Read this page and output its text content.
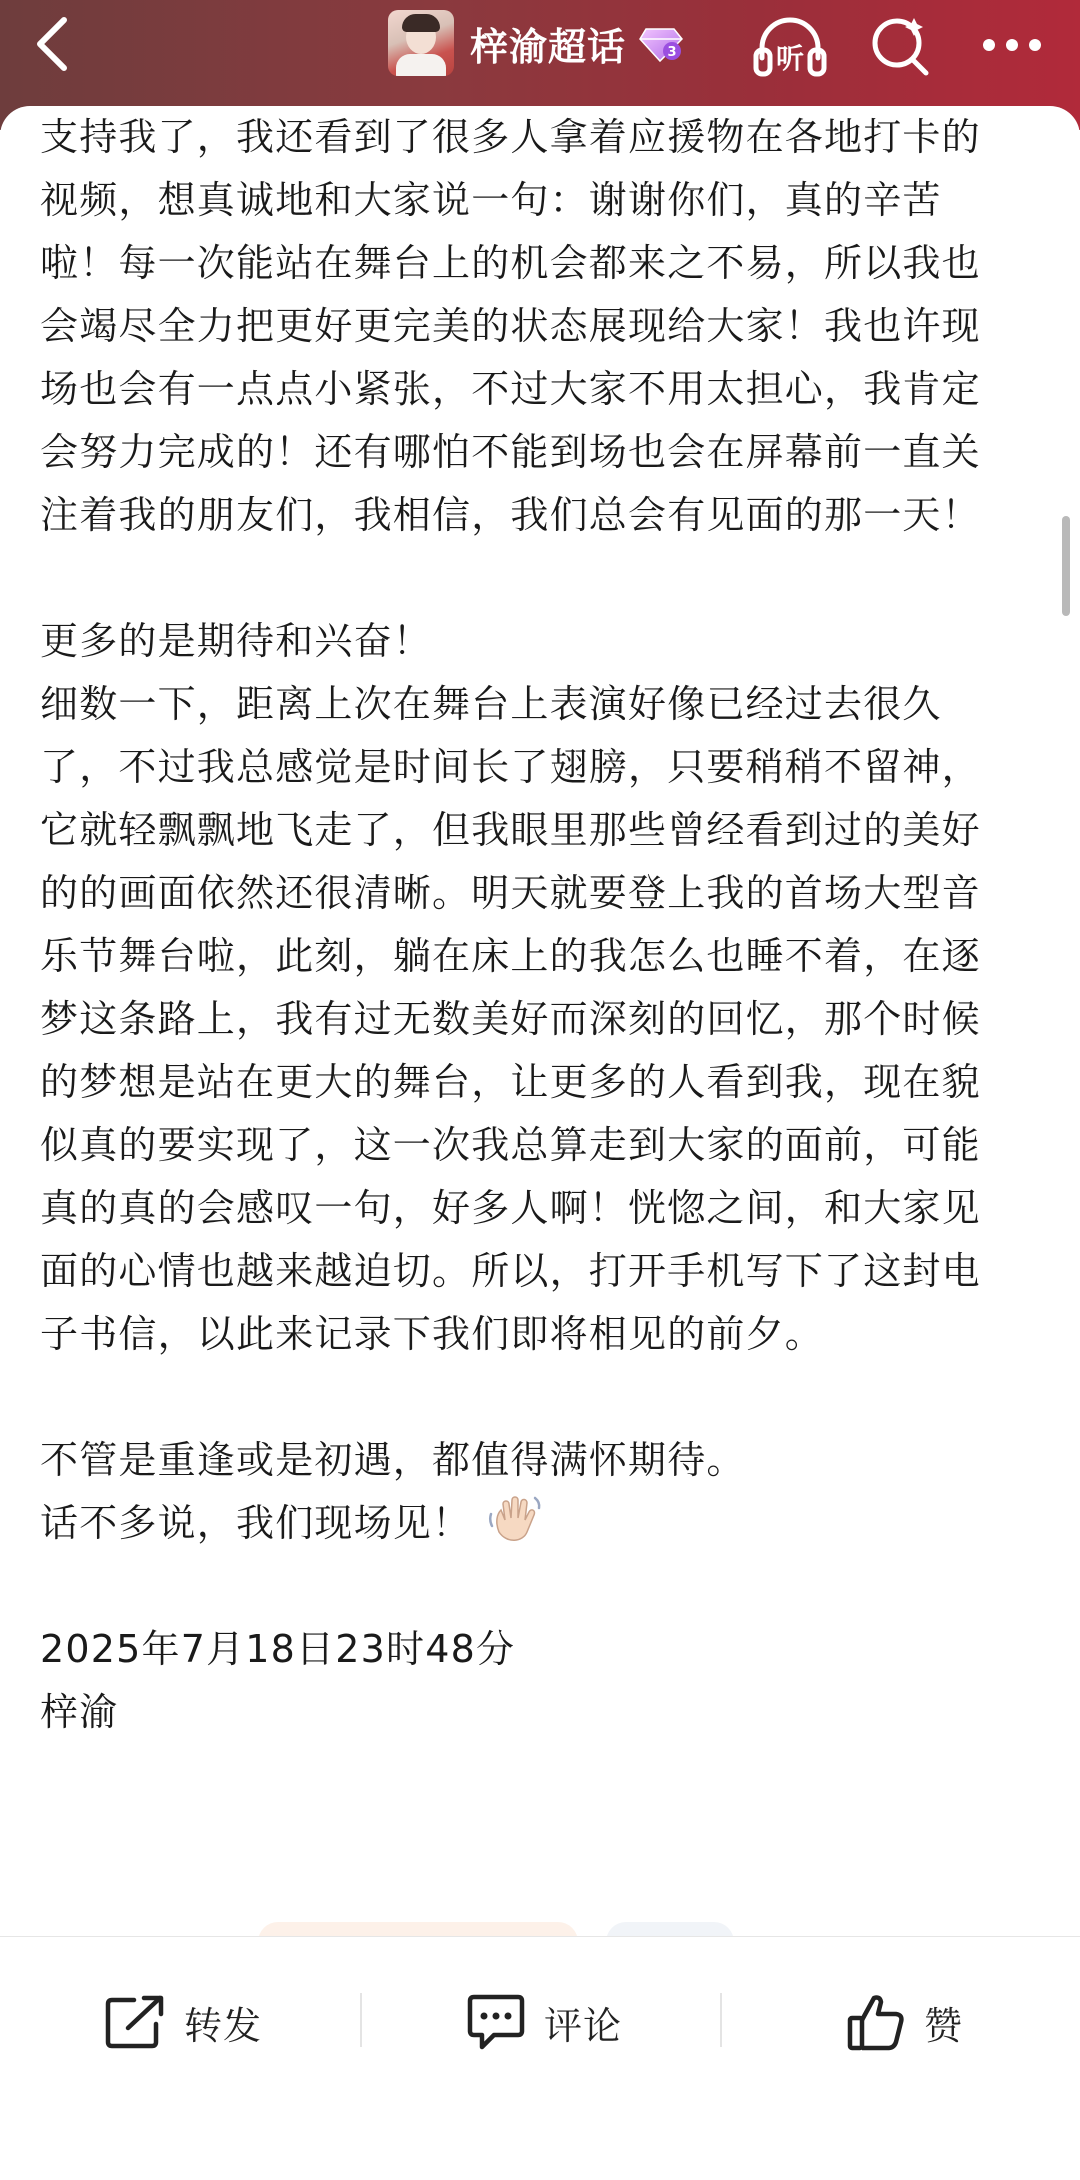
梓渝超话	3	听

支持我了，我还看到了很多人拿着应援物在各地打卡的视频，想真诚地和大家说一句：谢谢你们，真的辛苦啦！每一次能站在舞台上的机会都来之不易，所以我也会竭尽全力把更好更完美的状态展现给大家！我也许现场也会有一点点小紧张，不过大家不用太担心，我肯定会努力完成的！还有哪怕不能到场也会在屏幕前一直关注着我的朋友们，我相信，我们总会有见面的那一天！

更多的是期待和兴奋！

细数一下，距离上次在舞台上表演好像已经过去很久了，不过我总感觉是时间长了翅膀，只要稍稍不留神，它就轻飘飘地飞走了，但我眼里那些曾经看到过的美好的的画面依然还很清晰。明天就要登上我的首场大型音乐节舞台啦，此刻，躺在床上的我怎么也睡不着，在逐梦这条路上，我有过无数美好而深刻的回忆，那个时候的梦想是站在更大的舞台，让更多的人看到我，现在貌似真的要实现了，这一次我总算走到大家的面前，可能真的真的会感叹一句，好多人啊！恍惚之间，和大家见面的心情也越来越迫切。所以，打开手机写下了这封电子书信，以此来记录下我们即将相见的前夕。

不管是重逢或是初遇，都值得满怀期待。

话不多说，我们现场见！

2025年7月18日23时48分

梓渝

转发	评论	赞
